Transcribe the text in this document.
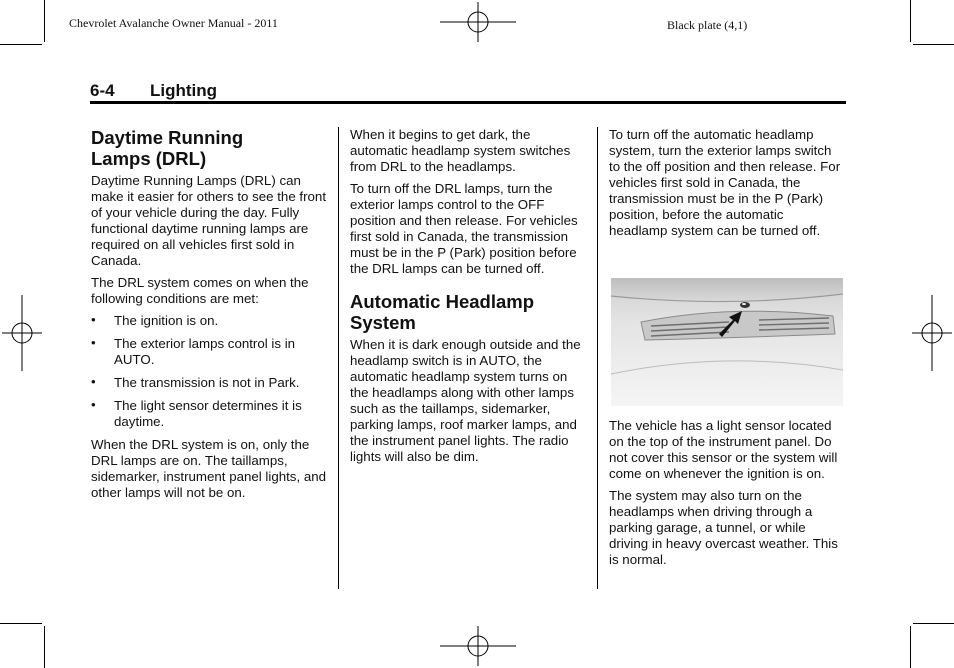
Chevrolet Avalanche Owner Manual - 2011	Black plate (4,1)
6-4 Lighting
Daytime Running Lamps (DRL)

Daytime Running Lamps (DRL) can make it easier for others to see the front of your vehicle during the day. Fully functional daytime running lamps are required on all vehicles first sold in Canada.

The DRL system comes on when the following conditions are met:

• The ignition is on.
• The exterior lamps control is in AUTO.
• The transmission is not in Park.
• The light sensor determines it is daytime.

When the DRL system is on, only the DRL lamps are on. The taillamps, sidemarker, instrument panel lights, and other lamps will not be on.

When it begins to get dark, the automatic headlamp system switches from DRL to the headlamps.

To turn off the DRL lamps, turn the exterior lamps control to the OFF position and then release. For vehicles first sold in Canada, the transmission must be in the P (Park) position before the DRL lamps can be turned off.

Automatic Headlamp System

When it is dark enough outside and the headlamp switch is in AUTO, the automatic headlamp system turns on the headlamps along with other lamps such as the taillamps, sidemarker, parking lamps, roof marker lamps, and the instrument panel lights. The radio lights will also be dim.

To turn off the automatic headlamp system, turn the exterior lamps switch to the off position and then release. For vehicles first sold in Canada, the transmission must be in the P (Park) position, before the automatic headlamp system can be turned off.

The vehicle has a light sensor located on the top of the instrument panel. Do not cover this sensor or the system will come on whenever the ignition is on.

The system may also turn on the headlamps when driving through a parking garage, a tunnel, or while driving in heavy overcast weather. This is normal.
